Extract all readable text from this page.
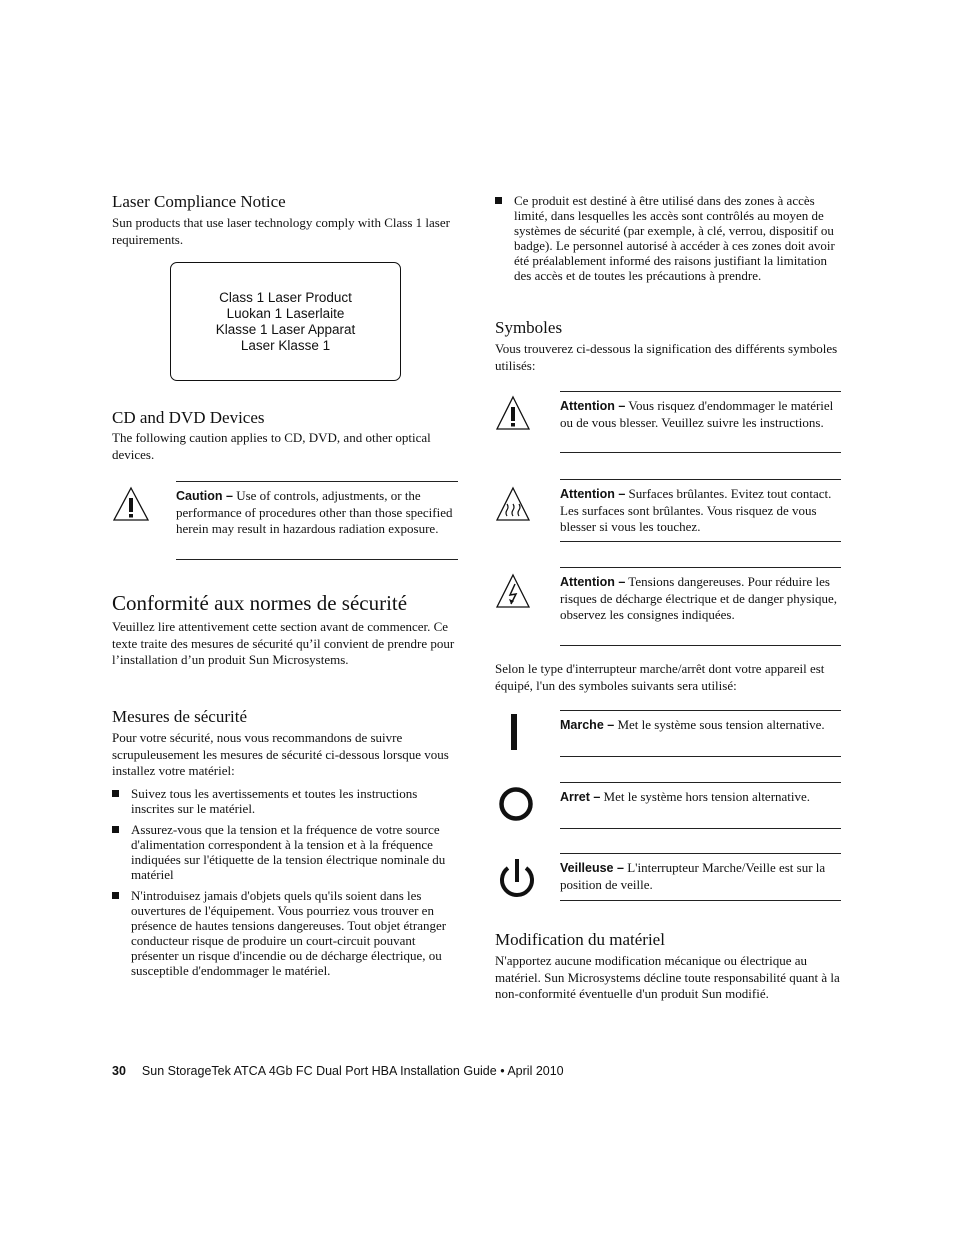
Laser Compliance Notice

Sun products that use laser technology comply with Class 1 laser requirements.

Class 1 Laser Product
Luokan 1 Laserlaite
Klasse 1 Laser Apparat
Laser Klasse 1
CD and DVD Devices

The following caution applies to CD, DVD, and other optical devices.

Caution – Use of controls, adjustments, or the performance of procedures other than those specified herein may result in hazardous radiation exposure.
Conformité aux normes de sécurité

Veuillez lire attentivement cette section avant de commencer. Ce texte traite des mesures de sécurité qu’il convient de prendre pour l’installation d’un produit Sun Microsystems.

Mesures de sécurité

Pour votre sécurité, nous vous recommandons de suivre scrupuleusement les mesures de sécurité ci-dessous lorsque vous installez votre matériel:

Suivez tous les avertissements et toutes les instructions inscrites sur le matériel.
Assurez-vous que la tension et la fréquence de votre source d'alimentation correspondent à la tension et à la fréquence indiquées sur l'étiquette de la tension électrique nominale du matériel
N'introduisez jamais d'objets quels qu'ils soient dans les ouvertures de l'équipement. Vous pourriez vous trouver en présence de hautes tensions dangereuses. Tout objet étranger conducteur risque de produire un court-circuit pouvant présenter un risque d'incendie ou de décharge électrique, ou susceptible d'endommager le matériel.
Ce produit est destiné à être utilisé dans des zones à accès limité, dans lesquelles les accès sont contrôlés au moyen de systèmes de sécurité (par exemple, à clé, verrou, dispositif ou badge). Le personnel autorisé à accéder à ces zones doit avoir été préalablement informé des raisons justifiant la limitation des accès et de toutes les précautions à prendre.
Symboles

Vous trouverez ci-dessous la signification des différents symboles utilisés:

Attention – Vous risquez d'endommager le matériel ou de vous blesser. Veuillez suivre les instructions.
Attention – Surfaces brûlantes. Evitez tout contact. Les surfaces sont brûlantes. Vous risquez de vous blesser si vous les touchez.
Attention – Tensions dangereuses. Pour réduire les risques de décharge électrique et de danger physique, observez les consignes indiquées.

Selon le type d'interrupteur marche/arrêt dont votre appareil est équipé, l'un des symboles suivants sera utilisé:

Marche – Met le système sous tension alternative.
Arret – Met le système hors tension alternative.
Veilleuse – L'interrupteur Marche/Veille est sur la position de veille.
Modification du matériel

N'apportez aucune modification mécanique ou électrique au matériel. Sun Microsystems décline toute responsabilité quant à la non-conformité éventuelle d'un produit Sun modifié.

30 Sun StorageTek ATCA 4Gb FC Dual Port HBA Installation Guide • April 2010
